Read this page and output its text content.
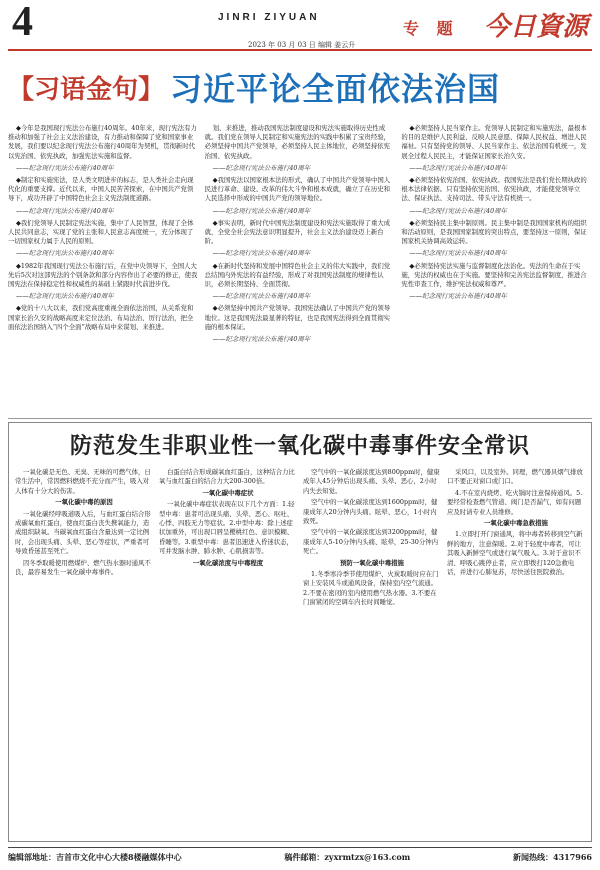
4	JINRI ZIYUAN
专 题 今日資源
2023 年 03 月 03 日 编辑 姜云升
【习语金句】 习近平论全面依法治国

◆今年是我国现行宪法公布施行40周年。40年来，现行宪法有力推动和加强了社会主义法治建设，有力推动和保障了党和国家事业发展，我们要以纪念现行宪法公布施行40周年为契机，贯彻新时代以宪治国、依宪执政，加强宪法实施和监督。

——纪念现行宪法公布施行40周年

◆制定和实施宪法，是人类文明进步的标志，是人类社会走向现代化的重要支撑。近代以来，中国人民苦苦探索，在中国共产党领导下，成功开辟了中国特色社会主义宪法制度道路。

——纪念现行宪法公布施行40周年

◆我们党领导人民制定宪法实施，集中了人民智慧，体现了全体人民共同意志，实现了党的主张和人民意志高度统一，充分体现了一切国家权力属于人民的原则。

——纪念现行宪法公布施行40周年

◆1982年我国现行宪法公布施行后，在党中央领导下，全国人大先后5次对这部宪法的个别条款和部分内容作出了必要的修正，使我国宪法在保持稳定性和权威性的基础上紧跟时代前进步伐。

——纪念现行宪法公布施行40周年

◆党的十八大以来，我们党高度重视全面依法治国，从关系党和国家长治久安的战略高度来定位法治、布局法治、厉行法治，把全面依法治国纳入“四个全面”战略布局中来谋划、来推进。

划、来推进，推动我国宪法制度建设和宪法实施取得历史性成就。我们党在领导人民制定和实施宪法的实践中积累了宝贵经验，必须坚持中国共产党领导，必须坚持人民主体地位，必须坚持依宪治国、依宪执政。

——纪念现行宪法公布施行40周年

◆我国宪法以国家根本法的形式，确认了中国共产党领导中国人民进行革命、建设、改革的伟大斗争和根本成就，确立了在历史和人民选择中形成的中国共产党的领导地位。

——纪念现行宪法公布施行40周年

◆事实表明，新时代中国宪法制度建设和宪法实施取得了重大成就，全党全社会宪法意识明显提升，社会主义法治建设迈上新台阶。

——纪念现行宪法公布施行40周年

◆在新时代坚持和发展中国特色社会主义的伟大实践中，我们党总结国内外宪法的有益经验，形成了对我国宪法制度的规律性认识，必须长期坚持、全面贯彻。

——纪念现行宪法公布施行40周年

◆必须坚持中国共产党领导。我国宪法确认了中国共产党的领导地位。这是我国宪法最显著的特征，也是我国宪法得到全面贯彻实施的根本保证。

——纪念现行宪法公布施行40周年

◆必须坚持人民当家作主。党领导人民制定和实施宪法，最根本的目的是维护人民利益、反映人民意愿、保障人民权益、增进人民福祉。只有坚持党的领导、人民当家作主、依法治国有机统一，发展全过程人民民主，才能保证国家长治久安。

——纪念现行宪法公布施行40周年

◆必须坚持依宪治国、依宪执政。我国宪法是我们党长期执政的根本法律依据。只有坚持依宪治国、依宪执政，才能使党领导立法、保证执法、支持司法、带头守法有机统一。

——纪念现行宪法公布施行40周年

◆必须坚持民主集中制原则。民主集中制是我国国家机构的组织和活动原则，是我国国家制度的突出特点，要坚持这一原则，保证国家机关协调高效运转。

——纪念现行宪法公布施行40周年

◆必须坚持宪法实施与监督制度化法治化。宪法的生命在于实施，宪法的权威也在于实施。要坚持和完善宪法监督制度，推进合宪性审查工作，维护宪法权威和尊严。

——纪念现行宪法公布施行40周年

防范发生非职业性一氧化碳中毒事件安全常识

一氧化碳是无色、无臭、无味的可燃气体，日常生活中，常因燃料燃烧不充分而产生，吸入对人体有十分大的伤害。

一氧化碳中毒的原因

一氧化碳经呼吸道吸入后，与血红蛋白结合形成碳氧血红蛋白，使血红蛋白丧失携氧能力，造成组织缺氧。当碳氧血红蛋白含量达到一定比例时，会出现头痛、头晕、恶心等症状，严重者可导致昏迷甚至死亡。

因冬季取暖使用燃煤炉、燃气热水器时通风不良，最容易发生一氧化碳中毒事件。

白蛋白结合形成碳氧血红蛋白，这种结合力比氧与血红蛋白的结合力大200-300倍。

一氧化碳中毒症状

一氧化碳中毒症状表现在以下几个方面：1.轻型中毒：患者可出现头痛、头晕、恶心、呕吐、心悸、四肢无力等症状。2.中型中毒：除上述症状加重外，可出现口唇呈樱桃红色、意识模糊、昏睡等。3.重型中毒：患者迅速进入昏迷状态，可并发脑水肿、肺水肿、心肌损害等。

一氧化碳浓度与中毒程度

空气中的一氧化碳浓度达到800ppm时，健康成年人45分钟后出现头痛、头晕、恶心，2小时内失去知觉。

空气中的一氧化碳浓度达到1600ppm时，健康成年人20分钟内头痛、眩晕、恶心，1小时内致死。

空气中的一氧化碳浓度达到3200ppm时，健康成年人5-10分钟内头痛、眩晕，25-30分钟内死亡。

预防一氧化碳中毒措施

1.冬季寒冷季节使用煤炉、火炭取暖时应在门窗上安装风斗或通风设备，保持室内空气流通。2.不要在密闭的室内使用燃气热水器。3.不要在门窗紧闭的空调车内长时间睡觉。

采风口，以及室外。同理，燃气器具烟气排放口不要正对窗口或门口。

4.不在室内烧烤、吃火锅时注意保持通风。5.要经常检查燃气管道、阀门是否漏气，如有问题应及时请专业人员维修。

一氧化碳中毒急救措施

1.立即打开门窗通风，将中毒者转移到空气新鲜的地方，注意保暖。2.对于轻度中毒者，可让其吸入新鲜空气或进行氧气吸入。3.对于意识不清、呼吸心跳停止者，应立即拨打120急救电话，并进行心肺复苏，尽快送往医院救治。

编辑部地址：吉首市文化中心大楼8楼融媒体中心	稿件邮箱：zyxrmtzx@163.com	新闻热线：4317966
